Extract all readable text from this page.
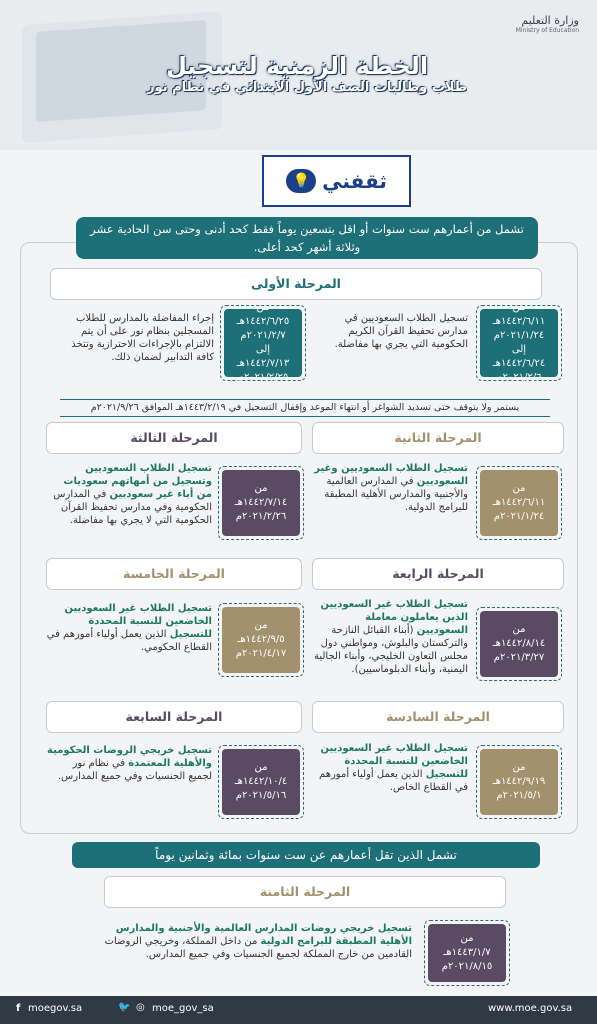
وزارة التعليم
Ministry of Education
الخطة الزمنية لتسجيل
طلاب وطالبات الصف الأول الابتدائي في نظام نور
ثقفني
💡
تشمل من أعمارهم ست سنوات أو اقل بتسعين يوماً فقط كحد أدنى وحتى سن الحادية عشر وثلاثة أشهر كحد أعلى.
المرحلة الأولى
من
١٤٤٢/٦/١١هـ
٢٠٢١/١/٢٤م
إلى
١٤٤٢/٦/٢٤هـ
٢٠٢١/٢/٦م
تسجيل الطلاب السعوديين في مدارس تحفيظ القرآن الكريم الحكومية التي يجري بها مفاضلة.
من
١٤٤٢/٦/٢٥هـ
٢٠٢١/٢/٧م
إلى
١٤٤٢/٧/١٣هـ
٢٠٢١/٢/٢٥م
إجراء المفاضلة بالمدارس للطلاب المسجلين بنظام نور على أن يتم الالتزام بالإجراءات الاحترازية وتتخذ كافة التدابير لضمان ذلك.
يستمر ولا يتوقف حتى تسديد الشواغر أو انتهاء الموعد وإقفال التسجيل في ١٤٤٣/٢/١٩هـ الموافق ٢٠٢١/٩/٢٦م
المرحلة الثانية
من
١٤٤٢/٦/١١هـ
٢٠٢١/١/٢٤م
تسجيل الطلاب السعوديين وغير السعوديين في المدارس العالمية والأجنبية والمدارس الأهلية المطبقة للبرامج الدولية.
المرحلة الثالثة
من
١٤٤٢/٧/١٤هـ
٢٠٢١/٢/٢٦م
تسجيل الطلاب السعوديين وتسجيل من أمهاتهم سعوديات من أباء غير سعوديين في المدارس الحكومية وفي مدارس تحفيظ القرآن الحكومية التي لا يجري بها مفاضلة.
المرحلة الرابعة
من
١٤٤٢/٨/١٤هـ
٢٠٢١/٣/٢٧م
تسجيل الطلاب غير السعوديين الذين يعاملون معاملة السعوديين (أبناء القبائل النازحة والتركستان والبلوش، ومواطني دول مجلس التعاون الخليجي، وأبناء الجالية اليمنية، وأبناء الدبلوماسيين).
المرحلة الخامسة
من
١٤٤٢/٩/٥هـ
٢٠٢١/٤/١٧م
تسجيل الطلاب غير السعوديين الخاضعين للنسبة المحددة للتسجيل الذين يعمل أولياء أمورهم في القطاع الحكومي.
المرحلة السادسة
من
١٤٤٢/٩/١٩هـ
٢٠٢١/٥/١م
تسجيل الطلاب غير السعوديين الخاضعين للنسبة المحددة للتسجيل الذين يعمل أولياء أمورهم في القطاع الخاص.
المرحلة السابعة
من
١٤٤٢/١٠/٤هـ
٢٠٢١/٥/١٦م
تسجيل خريجي الروضات الحكومية والأهلية المعتمدة في نظام نور لجميع الجنسيات وفي جميع المدارس.
تشمل الذين تقل أعمارهم عن ست سنوات بمائة وثمانين يوماً
المرحلة الثامنة
من
١٤٤٣/١/٧هـ
٢٠٢١/٨/١٥م
تسجيل خريجي روضات المدارس العالمية والأجنبية والمدارس الأهلية المطبقة للبرامج الدولية من داخل المملكة، وخريجي الروضات القادمين من خارج المملكة لجميع الجنسيات وفي جميع المدارس.
f moegov.sa	🐦 ◎ moe_gov_sa	www.moe.gov.sa
